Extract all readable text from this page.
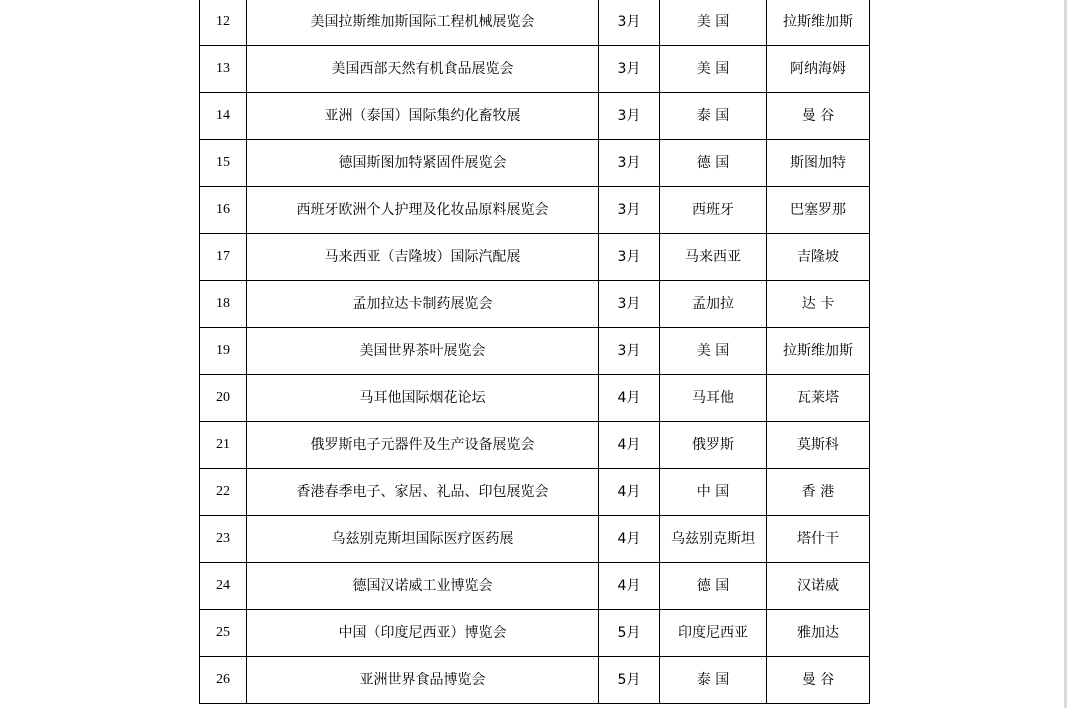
12	美国拉斯维加斯国际工程机械展览会	3月	美 国	拉斯维加斯
13	美国西部天然有机食品展览会	3月	美 国	阿纳海姆
14	亚洲（泰国）国际集约化畜牧展	3月	泰 国	曼 谷
15	德国斯图加特紧固件展览会	3月	德 国	斯图加特
16	西班牙欧洲个人护理及化妆品原料展览会	3月	西班牙	巴塞罗那
17	马来西亚（吉隆坡）国际汽配展	3月	马来西亚	吉隆坡
18	孟加拉达卡制药展览会	3月	孟加拉	达 卡
19	美国世界茶叶展览会	3月	美 国	拉斯维加斯
20	马耳他国际烟花论坛	4月	马耳他	瓦莱塔
21	俄罗斯电子元器件及生产设备展览会	4月	俄罗斯	莫斯科
22	香港春季电子、家居、礼品、印包展览会	4月	中 国	香 港
23	乌兹别克斯坦国际医疗医药展	4月	乌兹别克斯坦	塔什干
24	德国汉诺威工业博览会	4月	德 国	汉诺威
25	中国（印度尼西亚）博览会	5月	印度尼西亚	雅加达
26	亚洲世界食品博览会	5月	泰 国	曼 谷
